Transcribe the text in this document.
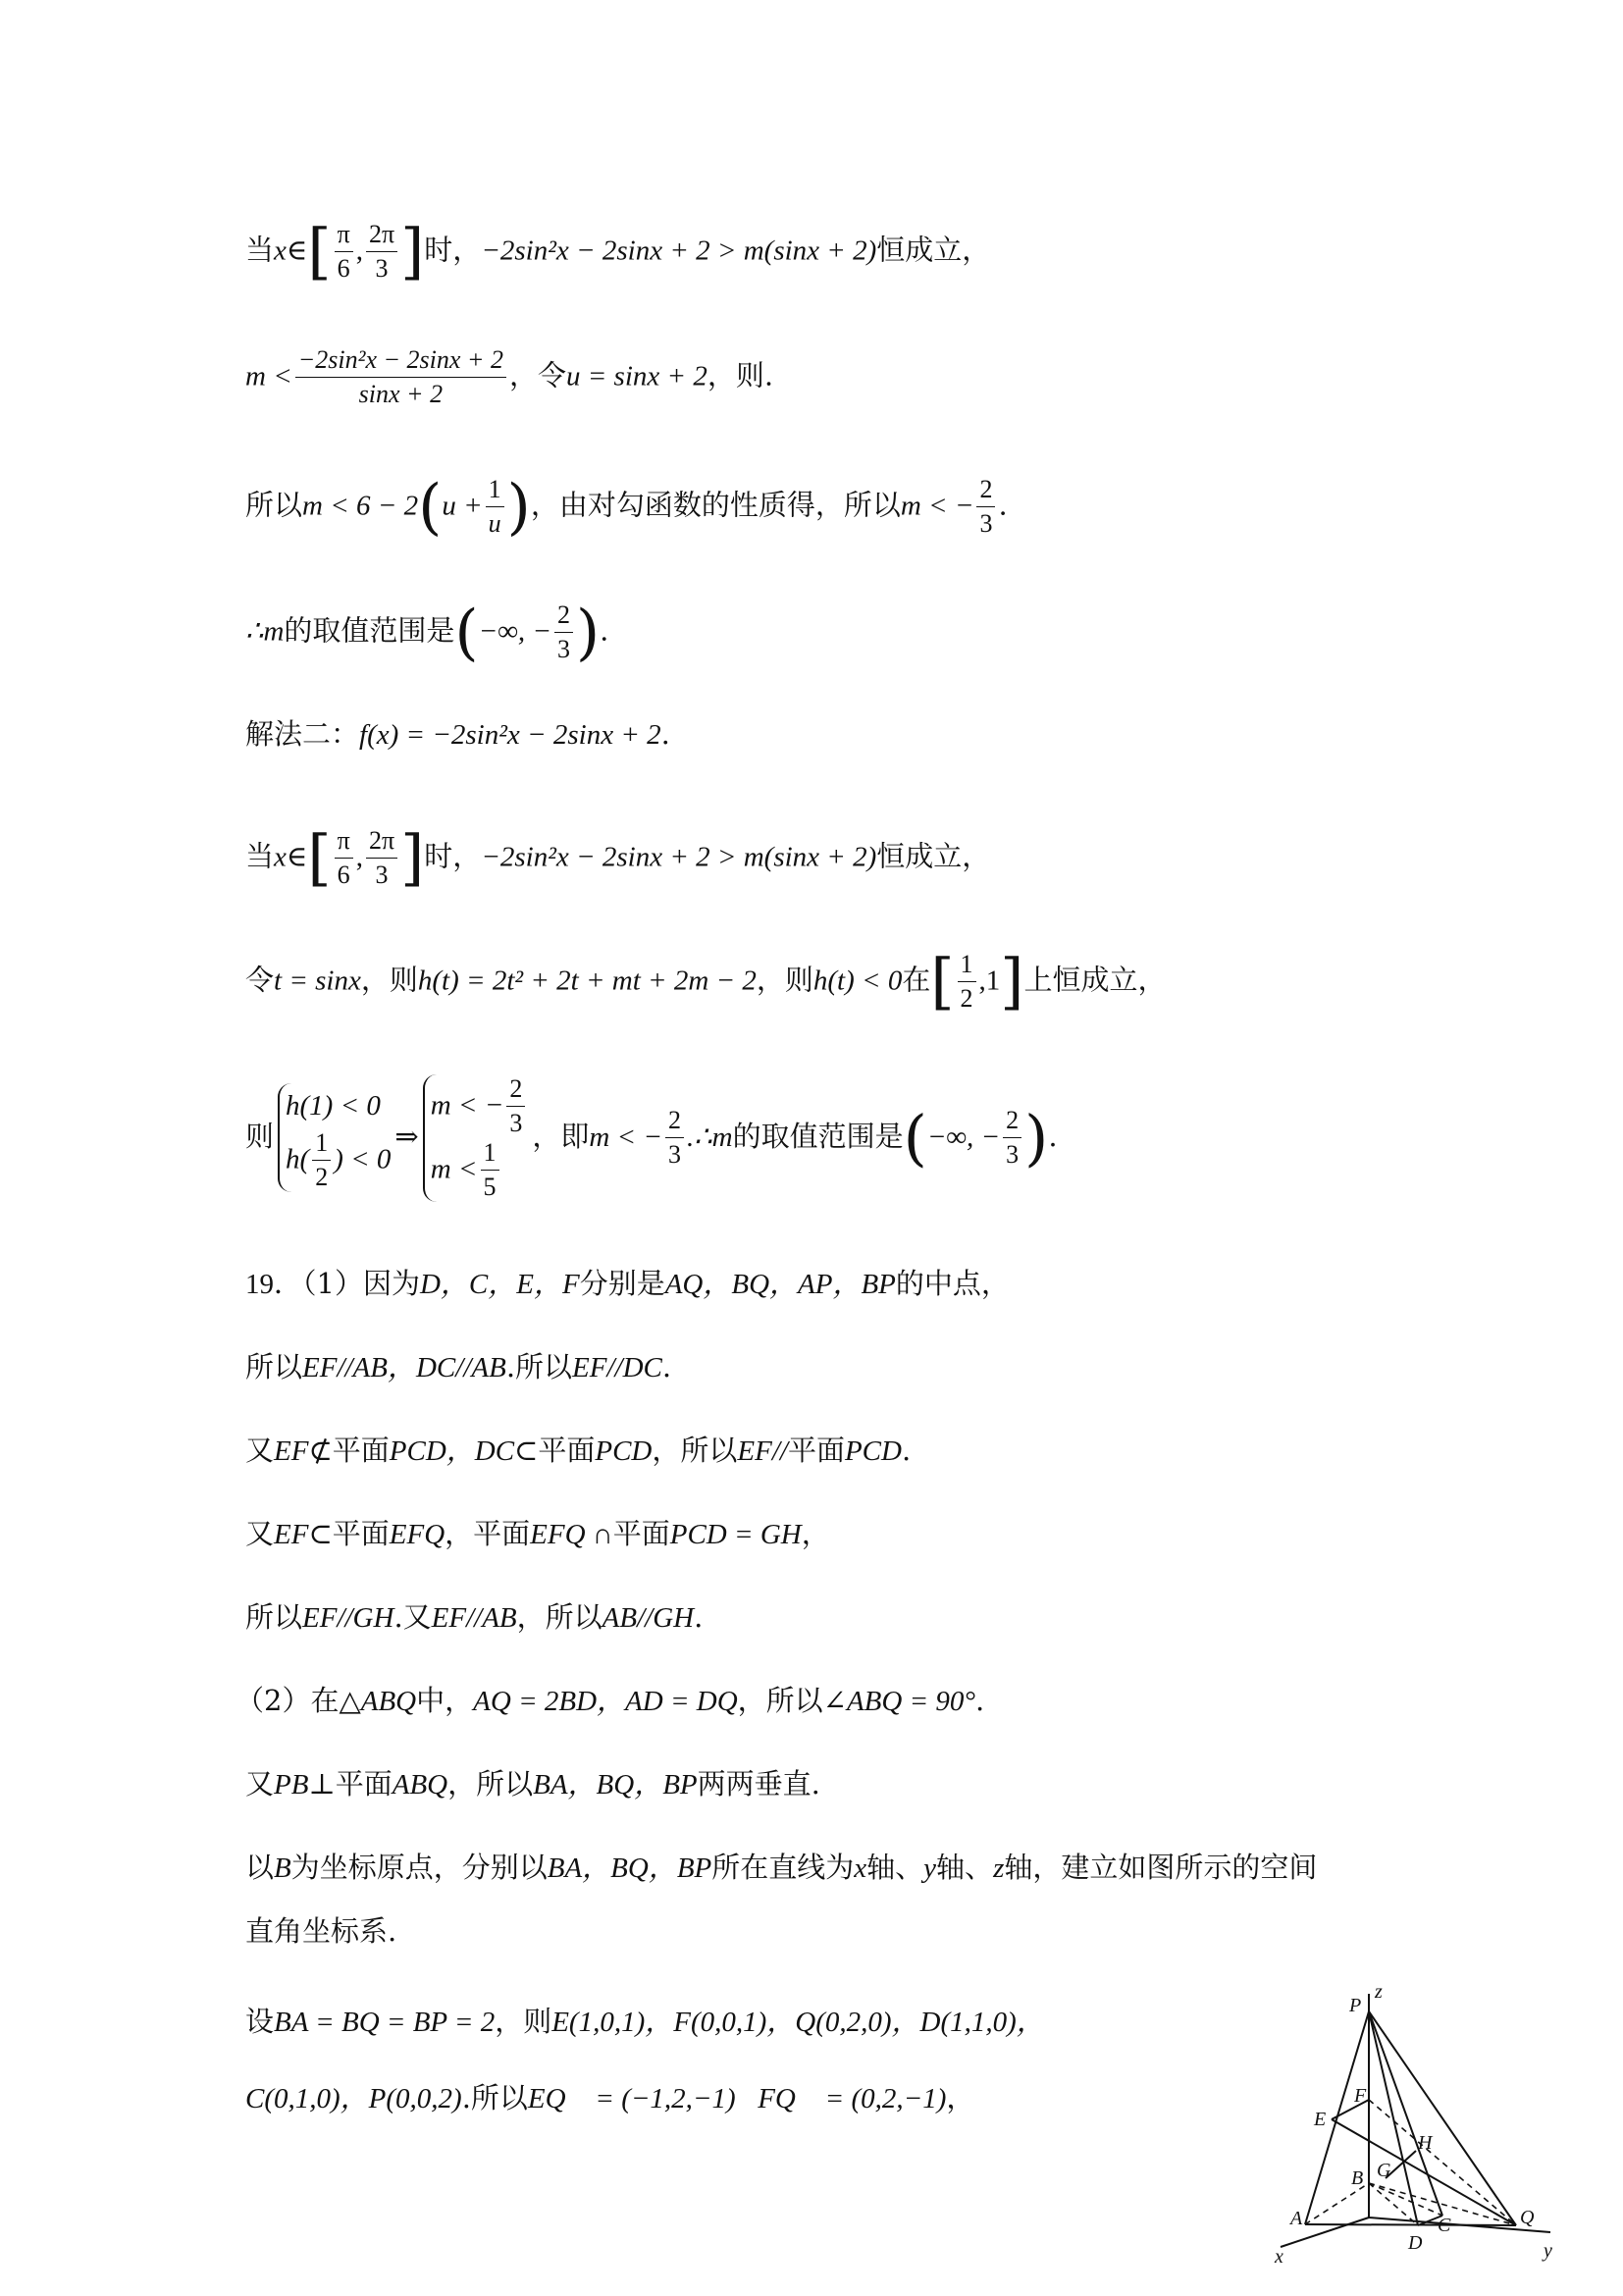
当x∈[ $\frac{\pi}{6}$ , $\frac{2\pi}{3}$ ]时，−2sin²x − 2sinx + 2 > m(sinx + 2)恒成立，
$m < \frac{\text{−2sin²x − 2sinx + 2}}{\sin x + 2}$ ，令u = sinx + 2，则.
所以$m < 6 - 2(u + \frac{1}{u}$ )，由对勾函数的性质得，所以m < − $\frac{2}{3}$ .
∴m的取值范围是(−∞, − $\frac{2}{3}$ ).
解法二：f(x) = −2sin²x − 2sinx + 2.
当x∈[ $\frac{\pi}{6}$ , $\frac{2\pi}{3}$ ]时，−2sin²x − 2sinx + 2 > m(sinx + 2)恒成立，
令t = sinx，则h(t) = 2t² + 2t + mt + 2m − 2，则h(t) < 0在[ $\frac{1}{2} ,1$]上恒成立，
则
h(1) < 0
$h( \frac{1}{2}$ ) < 0
⇒
m < − $\frac{2}{3}$
$m < \frac{1}{5}$
，即m < − $\frac{2}{3}$ .∴m的取值范围是(−∞, − $\frac{2}{3}$ ).
19．（1）因为D，C，E，F分别是AQ，BQ，AP，BP的中点，
所以EF//AB，DC//AB.所以EF//DC.
又EF⊄平面PCD，DC⊂平面PCD，所以EF//平面PCD.
又EF⊂平面EFQ，平面EFQ ∩平面PCD = GH，
所以EF//GH.又EF//AB，所以AB//GH.
（2）在△ABQ中，AQ = 2BD，AD = DQ，所以∠ABQ = 90°.
又PB⊥平面ABQ，所以BA，BQ，BP两两垂直.
以B为坐标原点，分别以BA，BQ，BP所在直线为x轴、y轴、z轴，建立如图所示的空间
直角坐标系.
设BA = BQ = BP = 2，则E(1,0,1)，F(0,0,1)，Q(0,2,0)，D(1,1,0)，
C(0,1,0)，P(0,0,2).所以EQ⃗ = (−1,2,−1)，FQ⃗ = (0,2,−1)，
P
z
F
E
H
B G
A
D
C	Q
x	y
